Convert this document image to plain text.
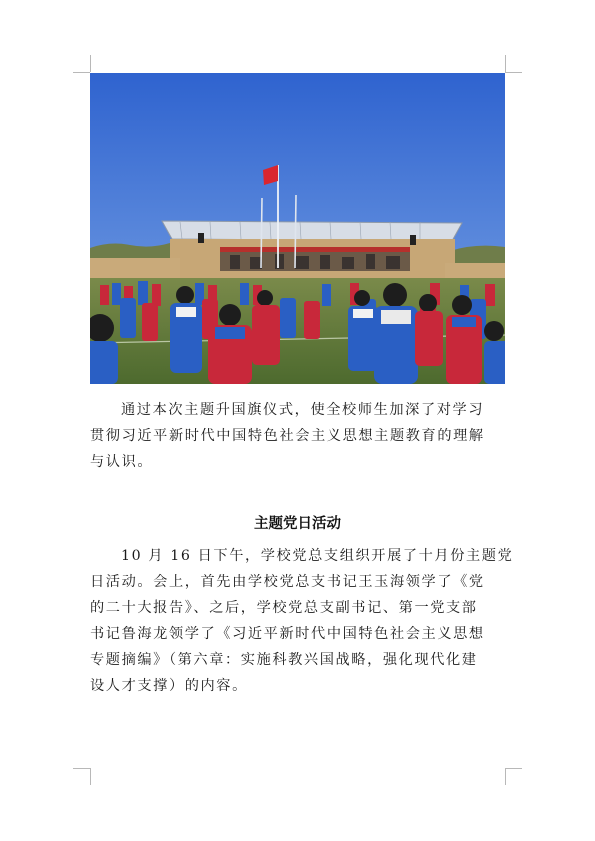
通过本次主题升国旗仪式，使全校师生加深了对学习
贯彻习近平新时代中国特色社会主义思想主题教育的理解
与认识。
主题党日活动
10 月 16 日下午，学校党总支组织开展了十月份主题党
日活动。会上，首先由学校党总支书记王玉海领学了《党
的二十大报告》、之后，学校党总支副书记、第一党支部
书记鲁海龙领学了《习近平新时代中国特色社会主义思想
专题摘编》（第六章：实施科教兴国战略，强化现代化建
设人才支撑）的内容。
